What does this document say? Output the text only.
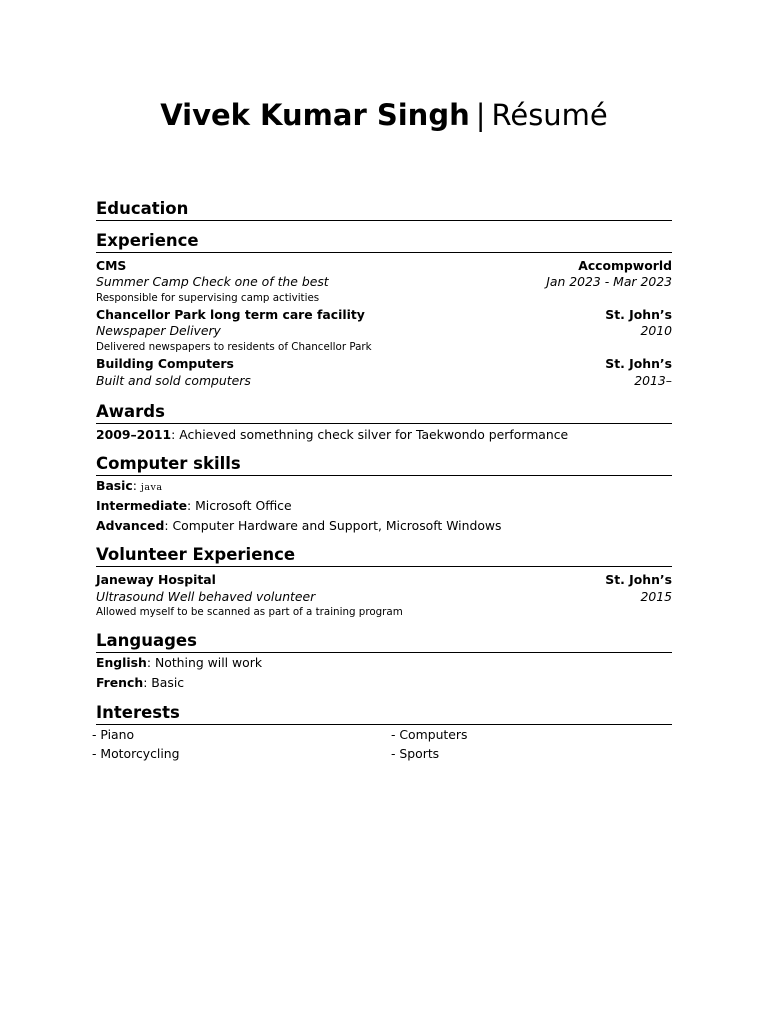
Vivek Kumar Singh | Résumé
Education
Experience
CMS	Accompworld
Summer Camp Check one of the best	Jan 2023 - Mar 2023
Responsible for supervising camp activities
Chancellor Park long term care facility	St. John’s
Newspaper Delivery	2010
Delivered newspapers to residents of Chancellor Park
Building Computers	St. John’s
Built and sold computers	2013–
Awards
2009–2011: Achieved somethning check silver for Taekwondo performance
Computer skills
Basic: java
Intermediate: Microsoft Office
Advanced: Computer Hardware and Support, Microsoft Windows
Volunteer Experience
Janeway Hospital	St. John’s
Ultrasound Well behaved volunteer	2015
Allowed myself to be scanned as part of a training program
Languages
English: Nothing will work
French: Basic
Interests
- Piano
- Motorcycling
- Computers
- Sports
